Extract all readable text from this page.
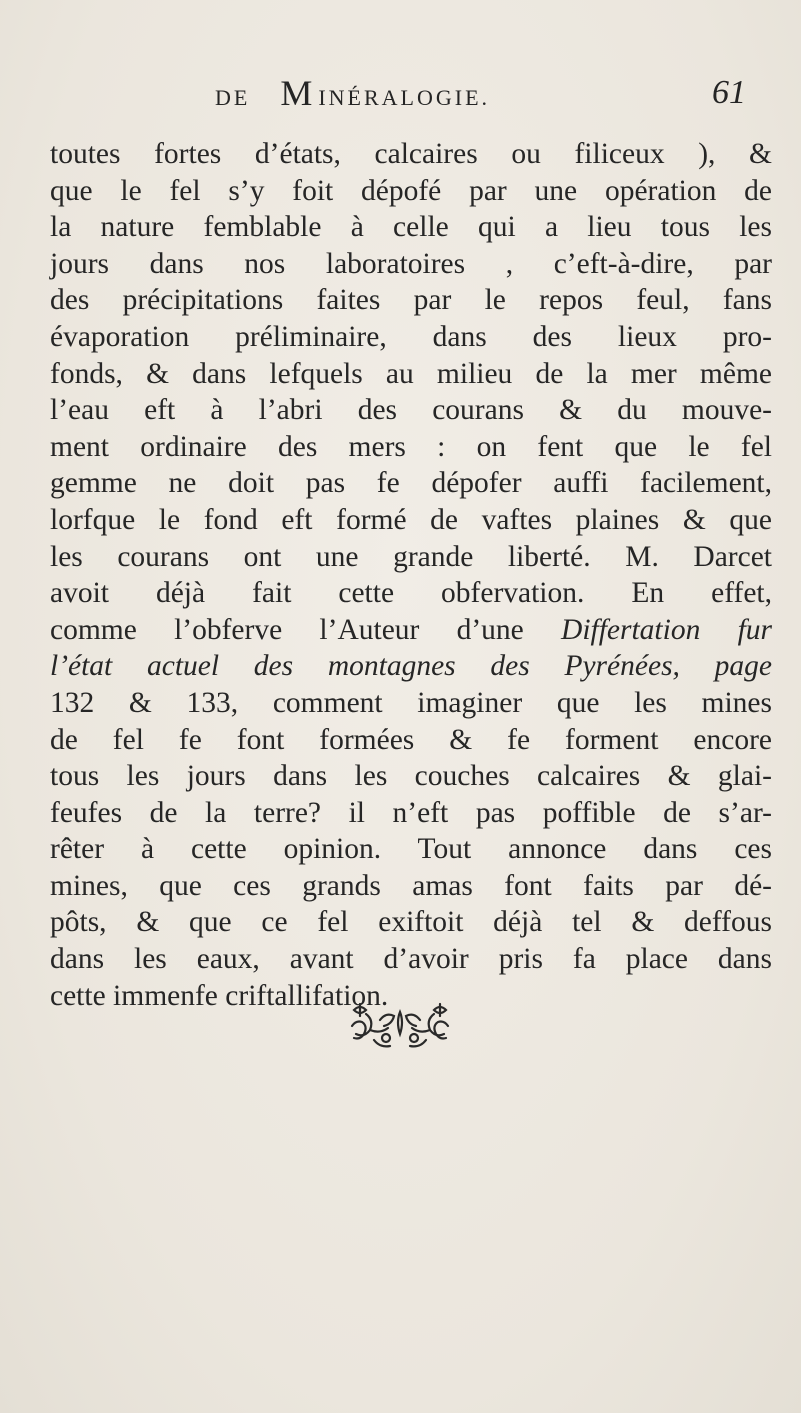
DE MINÉRALOGIE.	61

toutes fortes d’états, calcaires ou filiceux ), &
que le fel s’y foit dépofé par une opération de
la nature femblable à celle qui a lieu tous les
jours dans nos laboratoires , c’eft-à-dire, par
des précipitations faites par le repos feul, fans
évaporation préliminaire, dans des lieux pro-
fonds, & dans lefquels au milieu de la mer même
l’eau eft à l’abri des courans & du mouve-
ment ordinaire des mers : on fent que le fel
gemme ne doit pas fe dépofer auffi facilement,
lorfque le fond eft formé de vaftes plaines & que
les courans ont une grande liberté. M. Darcet
avoit déjà fait cette obfervation. En effet,
comme l’obferve l’Auteur d’une Differtation fur
l’état actuel des montagnes des Pyrénées, page
132 & 133, comment imaginer que les mines
de fel fe font formées & fe forment encore
tous les jours dans les couches calcaires & glai-
feufes de la terre? il n’eft pas poffible de s’ar-
rêter à cette opinion. Tout annonce dans ces
mines, que ces grands amas font faits par dé-
pôts, & que ce fel exiftoit déjà tel & deffous
dans les eaux, avant d’avoir pris fa place dans
cette immenfe criftallifation.
